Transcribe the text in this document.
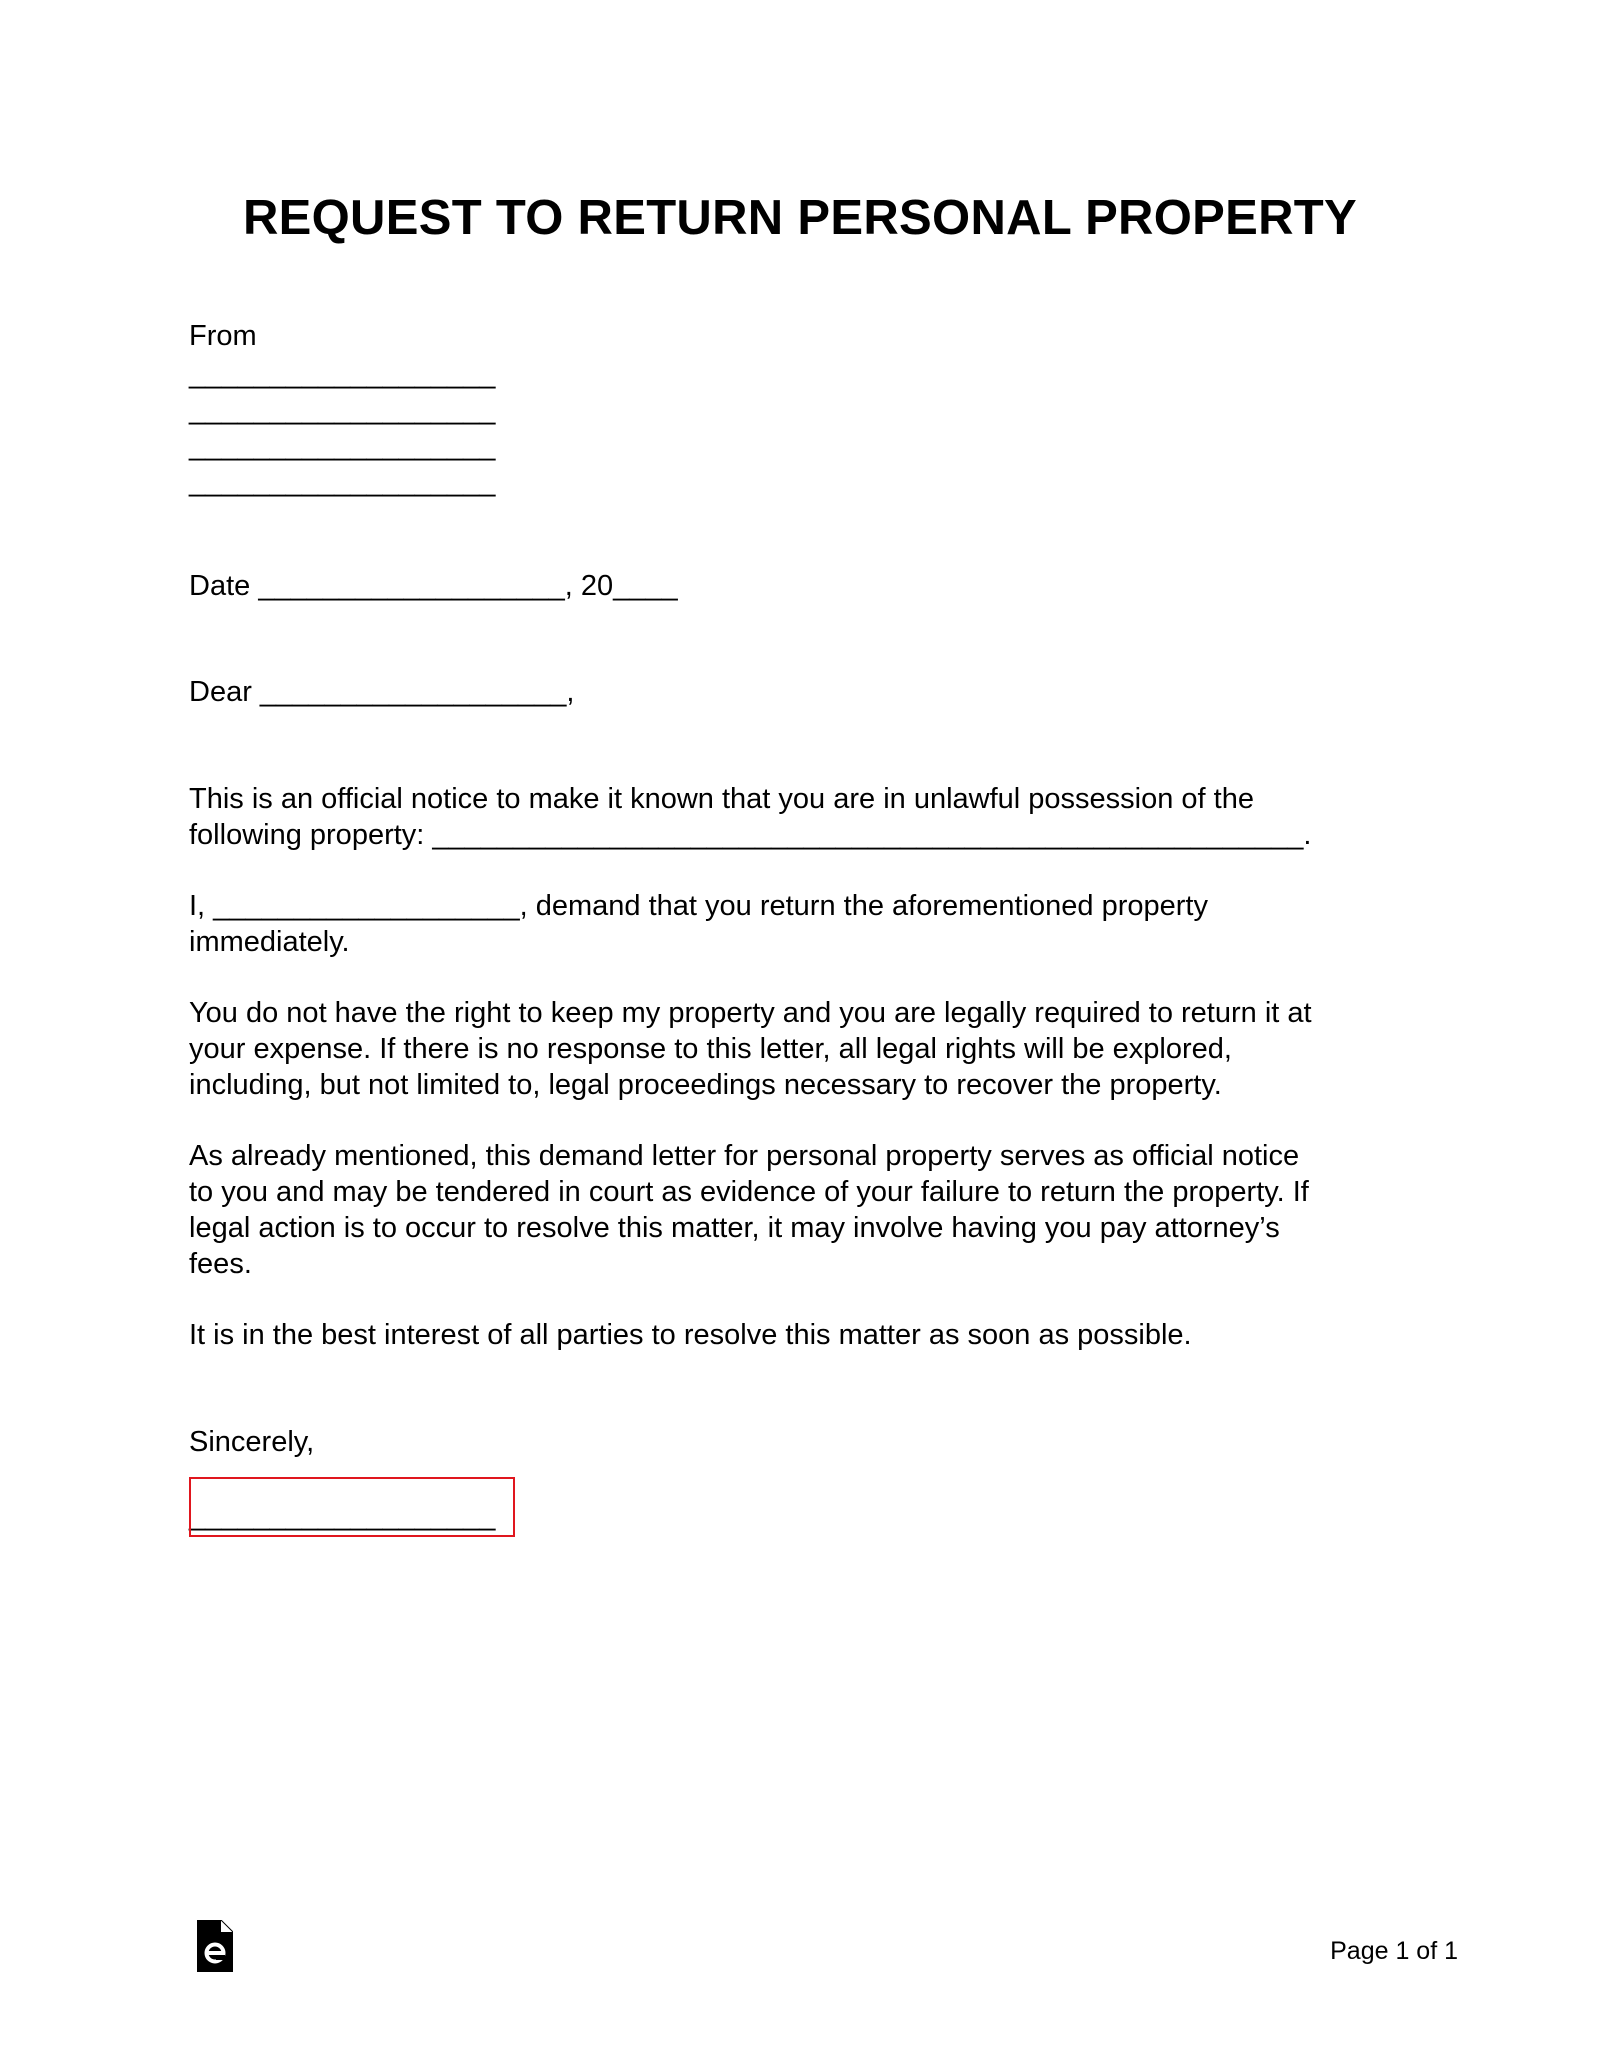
REQUEST TO RETURN PERSONAL PROPERTY
From
___________________
___________________
___________________
___________________
Date ___________________, 20____
Dear ___________________,
This is an official notice to make it known that you are in unlawful possession of the
following property: ______________________________________________________.
I, ___________________, demand that you return the aforementioned property
immediately.
You do not have the right to keep my property and you are legally required to return it at
your expense. If there is no response to this letter, all legal rights will be explored,
including, but not limited to, legal proceedings necessary to recover the property.
As already mentioned, this demand letter for personal property serves as official notice
to you and may be tendered in court as evidence of your failure to return the property. If
legal action is to occur to resolve this matter, it may involve having you pay attorney’s
fees.
It is in the best interest of all parties to resolve this matter as soon as possible.
Sincerely,
___________________
Page 1 of 1
